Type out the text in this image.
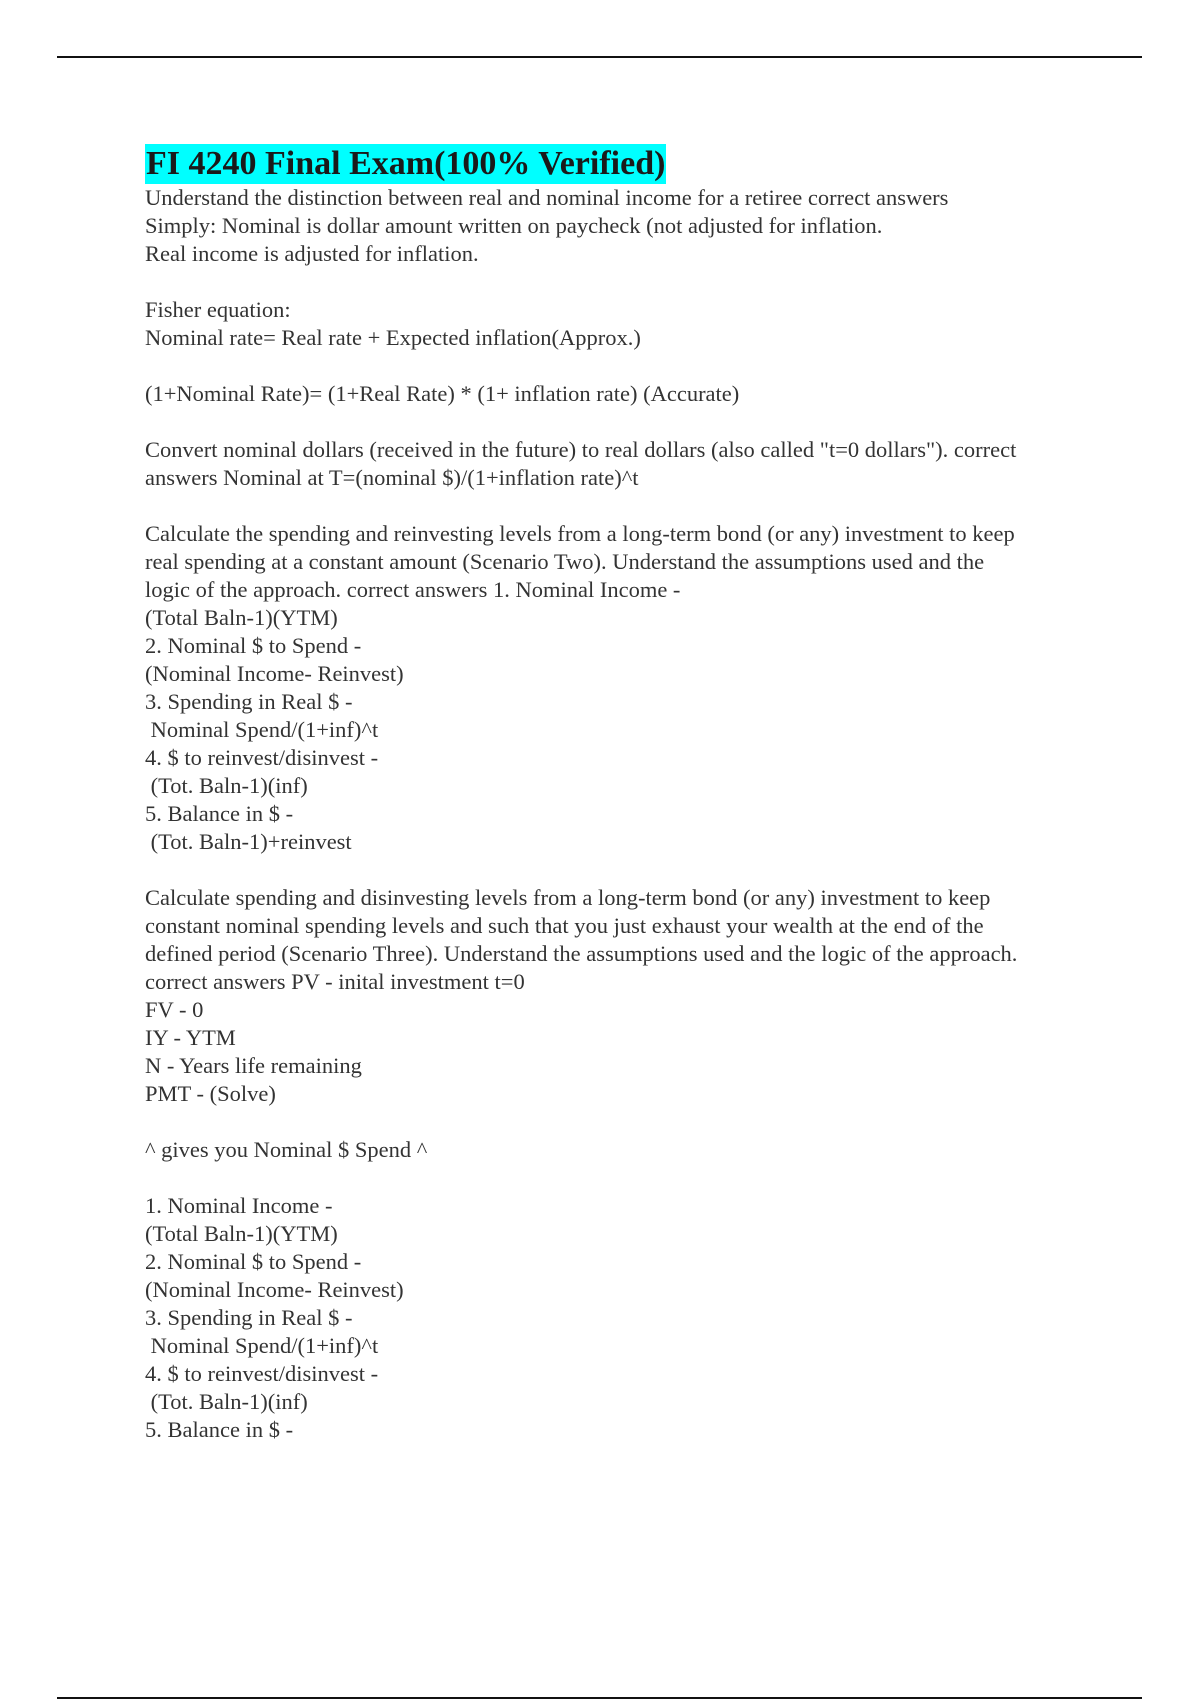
FI 4240 Final Exam(100% Verified)
Understand the distinction between real and nominal income for a retiree correct answers
Simply: Nominal is dollar amount written on paycheck (not adjusted for inflation.
Real income is adjusted for inflation.
Fisher equation:
Nominal rate= Real rate + Expected inflation(Approx.)
(1+Nominal Rate)= (1+Real Rate) * (1+ inflation rate) (Accurate)
Convert nominal dollars (received in the future) to real dollars (also called "t=0 dollars"). correct
answers Nominal at T=(nominal $)/(1+inflation rate)^t
Calculate the spending and reinvesting levels from a long-term bond (or any) investment to keep
real spending at a constant amount (Scenario Two). Understand the assumptions used and the
logic of the approach. correct answers 1. Nominal Income -
(Total Baln-1)(YTM)
2. Nominal $ to Spend -
(Nominal Income- Reinvest)
3. Spending in Real $ -
Nominal Spend/(1+inf)^t
4. $ to reinvest/disinvest -
(Tot. Baln-1)(inf)
5. Balance in $ -
(Tot. Baln-1)+reinvest
Calculate spending and disinvesting levels from a long-term bond (or any) investment to keep
constant nominal spending levels and such that you just exhaust your wealth at the end of the
defined period (Scenario Three). Understand the assumptions used and the logic of the approach.
correct answers PV - inital investment t=0
FV - 0
IY - YTM
N - Years life remaining
PMT - (Solve)
^ gives you Nominal $ Spend ^
1. Nominal Income -
(Total Baln-1)(YTM)
2. Nominal $ to Spend -
(Nominal Income- Reinvest)
3. Spending in Real $ -
Nominal Spend/(1+inf)^t
4. $ to reinvest/disinvest -
(Tot. Baln-1)(inf)
5. Balance in $ -
